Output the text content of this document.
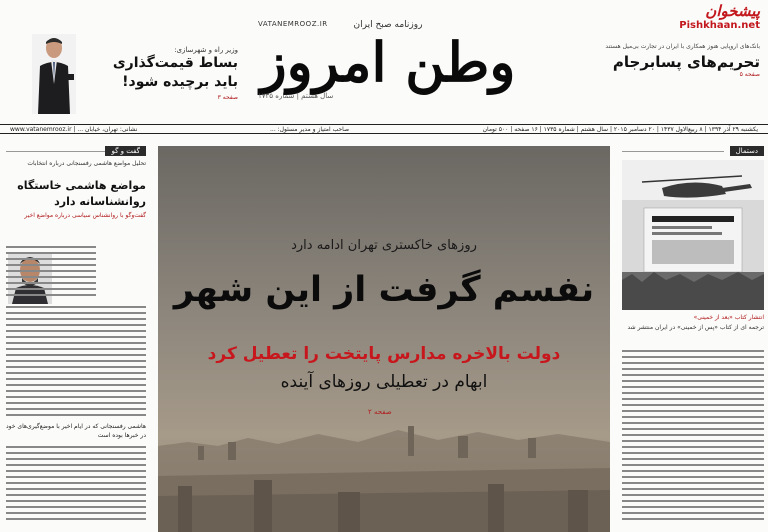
پیشخوان
Pishkhaan.net
وزیر راه و شهرسازی:
بساط قیمت‌گذاری باید برچیده شود!
صفحه ۳
VATANEMROOZ.IR	روزنامه صبح ایران
وطن امروز
سال هشتم | شماره ۱۷۳۵
بانک‌های اروپایی هنوز همکاری با ایران در تجارت بی‌میل هستند
تحریم‌های پسابرجام
صفحه ۵
یکشنبه ۲۹ آذر ۱۳۹۴ | ۸ ربیع‌الاول ۱۴۳۷ | ۲۰ دسامبر ۲۰۱۵ | سال هشتم | شماره ۱۷۳۵ | ۱۶ صفحه | ۵۰۰ تومان
صاحب امتیاز و مدیر مسئول: ...
نشانی: تهران، خیابان ... | www.vatanemrooz.ir
گفت و گو
تحلیل مواضع هاشمی رفسنجانی درباره انتخابات
مواضع هاشمی خاستگاه روانشناسانه دارد
گفت‌وگو با روانشناس سیاسی درباره مواضع اخیر
هاشمی رفسنجانی که در ایام اخیر با موضع‌گیری‌های خود در خبرها بوده است
روزهای خاکستری تهران ادامه دارد
نفسم گرفت از این شهر
دولت بالاخره مدارس پایتخت را تعطیل کرد
ابهام در تعطیلی روزهای آینده
صفحه ۲
دستمال
انتشار کتاب «بعد از خمینی»
ترجمه ای از کتاب «پس از خمینی» در ایران منتشر شد
